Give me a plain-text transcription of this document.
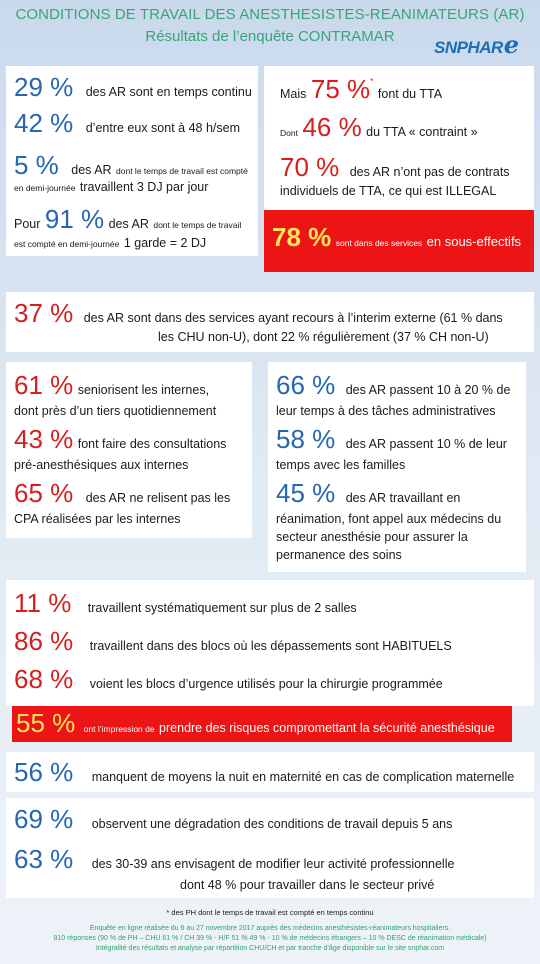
CONDITIONS DE TRAVAIL DES ANESTHESISTES-REANIMATEURS (AR)
Résultats de l’enquête CONTRAMAR
SNPHARe
29 % des AR sont en temps continu
42 % d’entre eux sont à 48 h/sem
5 % des AR dont le temps de travail est compté
en demi-journée travaillent 3 DJ par jour
Pour 91 % des AR dont le temps de travail
est compté en demi-journée 1 garde = 2 DJ
Mais 75 %* font du TTA
Dont 46 % du TTA « contraint »
70 % des AR n’ont pas de contrats
individuels de TTA, ce qui est ILLEGAL
78 % sont dans des services en sous-effectifs
37 % des AR sont dans des services ayant recours à l’interim externe (61 % dans
les CHU non-U), dont 22 % régulièrement (37 % CH non-U)
61 % seniorisent les internes,
dont près d’un tiers quotidiennement
43 % font faire des consultations
pré-anesthésiques aux internes
65 % des AR ne relisent pas les
CPA réalisées par les internes
66 % des AR passent 10 à 20 % de
leur temps à des tâches administratives
58 % des AR passent 10 % de leur
temps avec les familles
45 % des AR travaillant en
réanimation, font appel aux médecins du
secteur anesthésie pour assurer la
permanence des soins
11 % travaillent systématiquement sur plus de 2 salles
86 % travaillent dans des blocs où les dépassements sont HABITUELS
68 % voient les blocs d’urgence utilisés pour la chirurgie programmée
55 % ont l’impression de prendre des risques compromettant la sécurité anesthésique
56 % manquent de moyens la nuit en maternité en cas de complication maternelle
69 % observent une dégradation des conditions de travail depuis 5 ans
63 % des 30-39 ans envisagent de modifier leur activité professionnelle
dont 48 % pour travailler dans le secteur privé
* des PH dont le temps de travail est compté en temps continu
Enquête en ligne réalisée du 6 au 27 novembre 2017 auprès des médecins anesthésistes-réanimateurs hospitaliers.
910 réponses (90 % de PH – CHU 61 % / CH 39 % - H/F 51 % 49 % - 10 % de médecins étrangers – 10 % DESC de réanimation médicale)
Intégralité des résultats et analyse par répartition CHU/CH et par tranche d’âge disponible sur le site snphar.com
